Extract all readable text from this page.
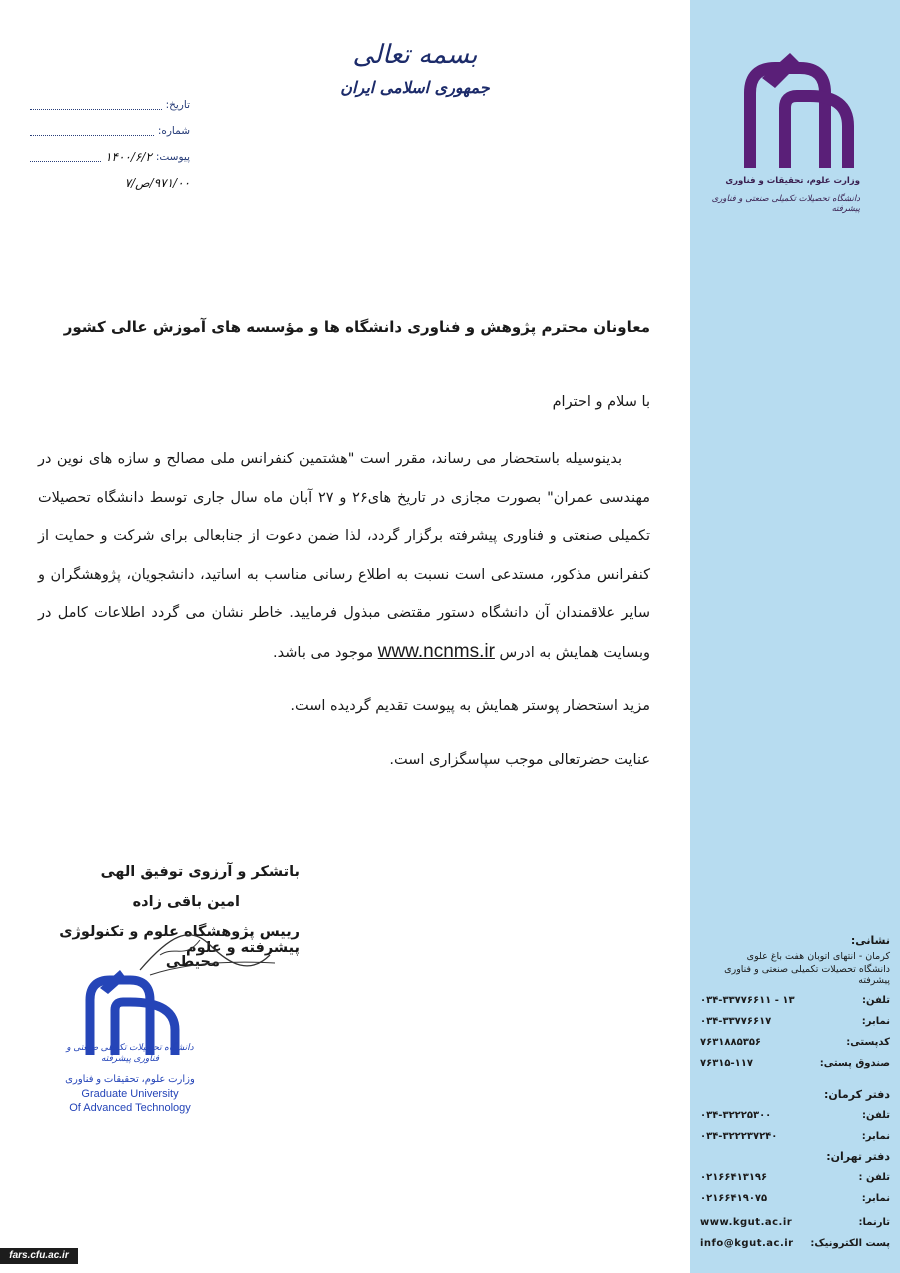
بسمه تعالی
جمهوری اسلامی ایران
تاریخ:
شماره:
پیوست:
۱۴۰۰/۶/۲
۹۷۱/۰۰/ص/۷
معاونان محترم پژوهش و فناوری دانشگاه ها و مؤسسه های آموزش عالی کشور
با سلام و احترام
بدینوسیله باستحضار می رساند، مقرر است "هشتمین کنفرانس ملی مصالح و سازه های نوین در مهندسی عمران" بصورت مجازی در تاریخ های۲۶ و ۲۷ آبان ماه سال جاری توسط دانشگاه تحصیلات تکمیلی صنعتی و فناوری پیشرفته برگزار گردد، لذا ضمن دعوت از جنابعالی برای شرکت و حمایت از کنفرانس مذکور، مستدعی است نسبت به اطلاع رسانی مناسب به اساتید، دانشجویان، پژوهشگران و سایر علاقمندان آن دانشگاه دستور مقتضی مبذول فرمایید. خاطر نشان می گردد اطلاعات کامل در وبسایت همایش به ادرس www.ncnms.ir موجود می باشد.
مزید استحضار پوستر همایش به پیوست تقدیم گردیده است.
عنایت حضرتعالی موجب سپاسگزاری است.
باتشکر و آرزوی توفیق الهی
امین باقی زاده
رییس پژوهشگاه علوم و تکنولوژی پیشرفته و علوم
محیطی
دانشگاه تحصیلات تکمیلی صنعتی و فناوری پیشرفته
وزارت علوم، تحقیقات و فناوری
Graduate University
Of Advanced Technology
fars.cfu.ac.ir
وزارت علوم، تحقیقات و فناوری
دانشگاه تحصیلات تکمیلی صنعتی و فناوری پیشرفته
نشانی:
کرمان - انتهای اتوبان هفت باغ علوی
دانشگاه تحصیلات تکمیلی صنعتی و فناوری پیشرفته
تلفن:
۰۳۴-۳۳۷۷۶۶۱۱ - ۱۳
نمابر:
۰۳۴-۳۳۷۷۶۶۱۷
کدپستی:
۷۶۳۱۸۸۵۳۵۶
صندوق پستی:
۷۶۳۱۵-۱۱۷
دفتر کرمان:
تلفن:
۰۳۴-۳۲۲۲۵۳۰۰
نمابر:
۰۳۴-۳۲۲۲۳۷۲۴۰
دفتر تهران:
تلفن :
۰۲۱۶۶۴۱۳۱۹۶
نمابر:
۰۲۱۶۶۴۱۹۰۷۵
تارنما:
www.kgut.ac.ir
پست الکترونیک:
info@kgut.ac.ir
